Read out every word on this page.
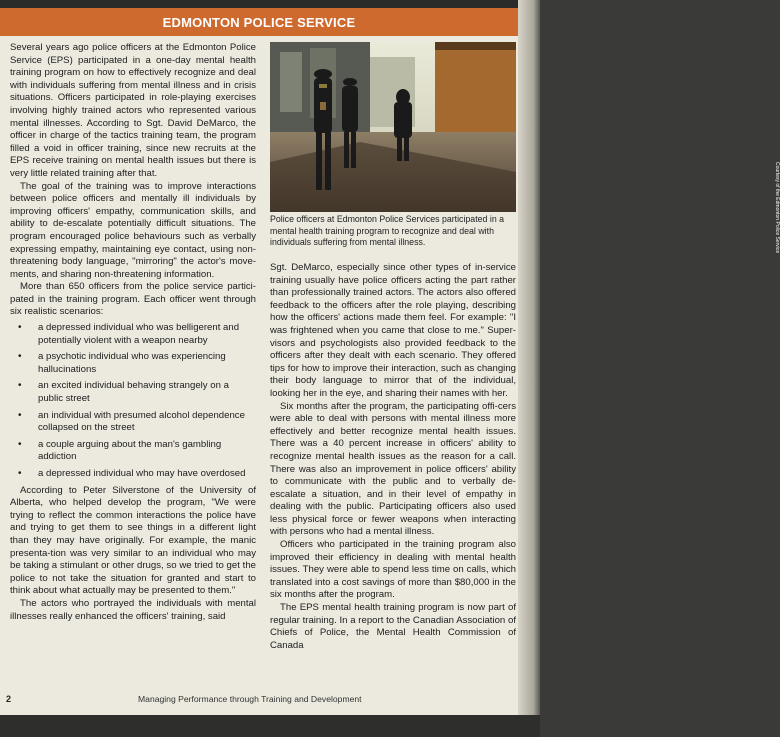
EDMONTON POLICE SERVICE

Several years ago police officers at the Edmonton Police Service (EPS) participated in a one-day mental health training program on how to effectively recognize and deal with individuals suffering from mental illness and in crisis situations. Officers participated in role-playing exercises involving highly trained actors who represented various mental illnesses. According to Sgt. David DeMarco, the officer in charge of the tactics training team, the program filled a void in officer training, since new recruits at the EPS receive training on mental health issues but there is very little related training after that.

The goal of the training was to improve interactions between police officers and mentally ill individuals by improving officers' empathy, communication skills, and ability to de-escalate potentially difficult situations. The program encouraged police behaviours such as verbally expressing empathy, maintaining eye contact, using non-threatening body language, "mirroring" the actor's move-ments, and sharing non-threatening information.

More than 650 officers from the police service partici-pated in the training program. Each officer went through six realistic scenarios:

• a depressed individual who was belligerent and potentially violent with a weapon nearby
• a psychotic individual who was experiencing hallucinations
• an excited individual behaving strangely on a public street
• an individual with presumed alcohol dependence collapsed on the street
• a couple arguing about the man's gambling addiction
• a depressed individual who may have overdosed

According to Peter Silverstone of the University of Alberta, who helped develop the program, "We were trying to reflect the common interactions the police have and trying to get them to see things in a different light than they may have originally. For example, the manic presenta-tion was very similar to an individual who may be taking a stimulant or other drugs, so we tried to get the police to not take the situation for granted and start to think about what actually may be presented to them."

The actors who portrayed the individuals with mental illnesses really enhanced the officers' training, said

Courtesy of the Edmonton Police Service
Police officers at Edmonton Police Services participated in a mental health training program to recognize and deal with individuals suffering from mental illness.

Sgt. DeMarco, especially since other types of in-service training usually have police officers acting the part rather than professionally trained actors. The actors also offered feedback to the officers after the role playing, describing how the officers' actions made them feel. For example: "I was frightened when you came that close to me." Super-visors and psychologists also provided feedback to the officers after they dealt with each scenario. They offered tips for how to improve their interaction, such as changing their body language to mirror that of the individual, looking her in the eye, and sharing their names with her.

Six months after the program, the participating offi-cers were able to deal with persons with mental illness more effectively and better recognize mental health issues. There was a 40 percent increase in officers' ability to recognize mental health issues as the reason for a call. There was also an improvement in police officers' ability to communicate with the public and to verbally de-escalate a situation, and in their level of empathy in dealing with the public. Participating officers also used less physical force or fewer weapons when interacting with persons who had a mental illness.

Officers who participated in the training program also improved their efficiency in dealing with mental health issues. They were able to spend less time on calls, which translated into a cost savings of more than $80,000 in the six months after the program.

The EPS mental health training program is now part of regular training. In a report to the Canadian Association of Chiefs of Police, the Mental Health Commission of Canada

2	Managing Performance through Training and Development
